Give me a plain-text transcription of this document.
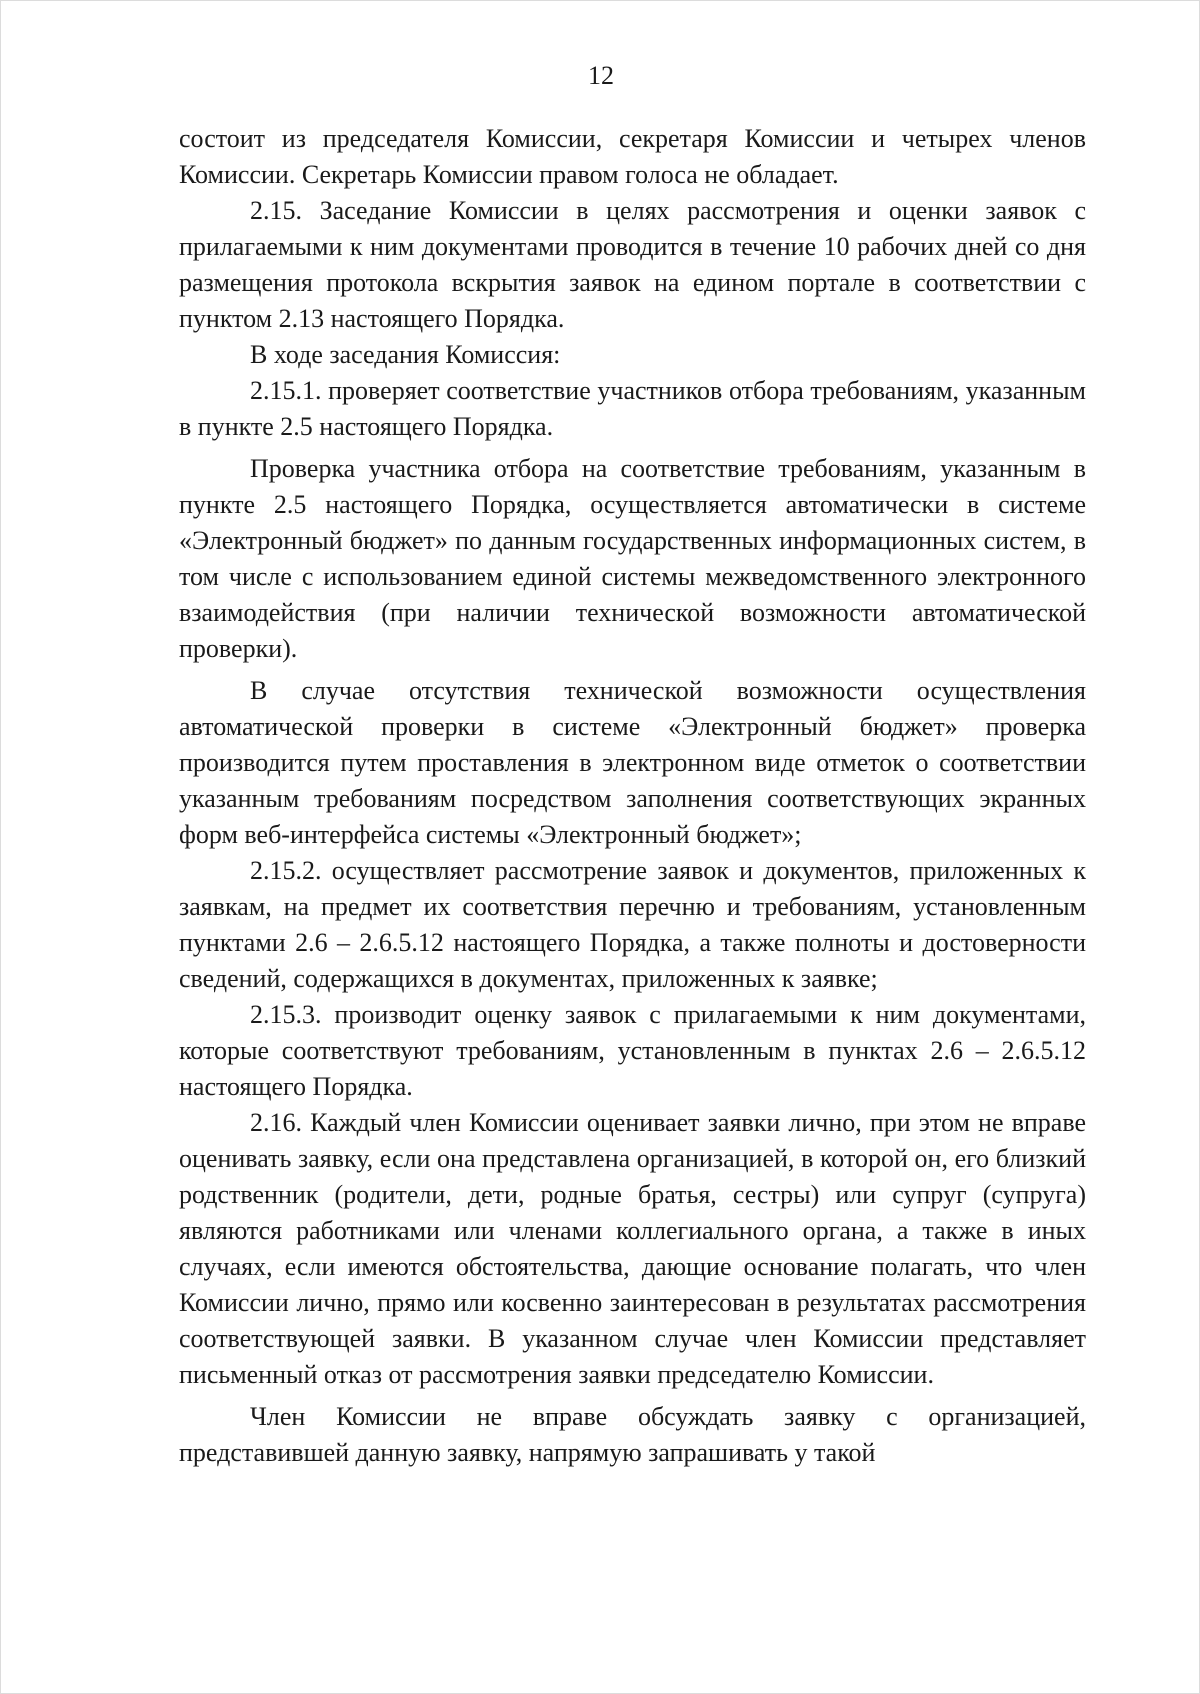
12

состоит из председателя Комиссии, секретаря Комиссии и четырех членов Комиссии. Секретарь Комиссии правом голоса не обладает.

2.15. Заседание Комиссии в целях рассмотрения и оценки заявок с прилагаемыми к ним документами проводится в течение 10 рабочих дней со дня размещения протокола вскрытия заявок на едином портале в соответствии с пунктом 2.13 настоящего Порядка.

В ходе заседания Комиссия:

2.15.1. проверяет соответствие участников отбора требованиям, указанным в пункте 2.5 настоящего Порядка.

Проверка участника отбора на соответствие требованиям, указанным в пункте 2.5 настоящего Порядка, осуществляется автоматически в системе «Электронный бюджет» по данным государственных информационных систем, в том числе с использованием единой системы межведомственного электронного взаимодействия (при наличии технической возможности автоматической проверки).

В случае отсутствия технической возможности осуществления автоматической проверки в системе «Электронный бюджет» проверка производится путем проставления в электронном виде отметок о соответствии указанным требованиям посредством заполнения соответствующих экранных форм веб-интерфейса системы «Электронный бюджет»;

2.15.2. осуществляет рассмотрение заявок и документов, приложенных к заявкам, на предмет их соответствия перечню и требованиям, установленным пунктами 2.6 – 2.6.5.12 настоящего Порядка, а также полноты и достоверности сведений, содержащихся в документах, приложенных к заявке;

2.15.3. производит оценку заявок с прилагаемыми к ним документами, которые соответствуют требованиям, установленным в пунктах 2.6 – 2.6.5.12 настоящего Порядка.

2.16. Каждый член Комиссии оценивает заявки лично, при этом не вправе оценивать заявку, если она представлена организацией, в которой он, его близкий родственник (родители, дети, родные братья, сестры) или супруг (супруга) являются работниками или членами коллегиального органа, а также в иных случаях, если имеются обстоятельства, дающие основание полагать, что член Комиссии лично, прямо или косвенно заинтересован в результатах рассмотрения соответствующей заявки. В указанном случае член Комиссии представляет письменный отказ от рассмотрения заявки председателю Комиссии.

Член Комиссии не вправе обсуждать заявку с организацией, представившей данную заявку, напрямую запрашивать у такой
